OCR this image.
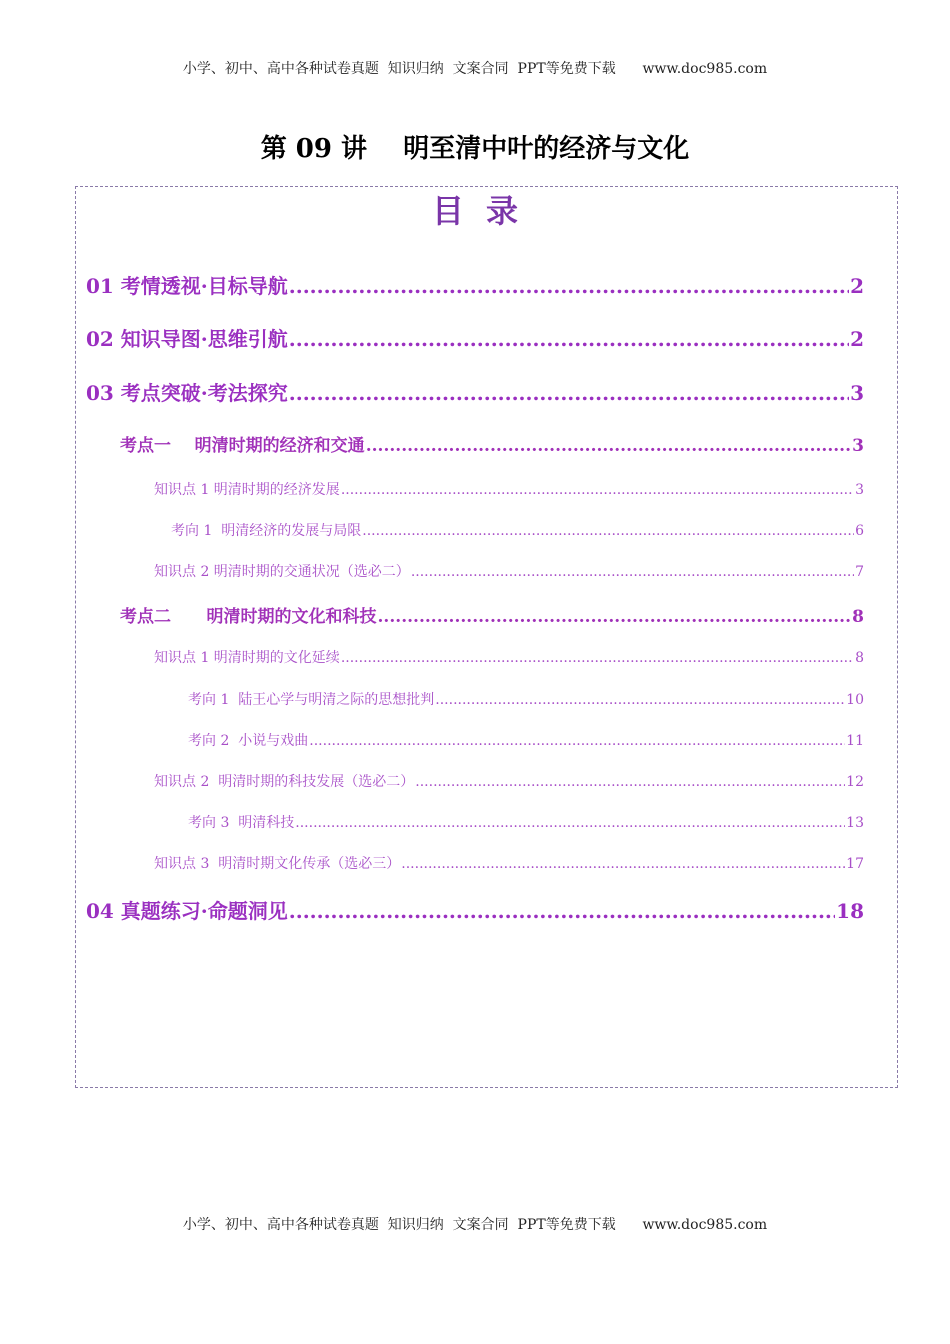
小学、初中、高中各种试卷真题  知识归纳  文案合同  PPT等免费下载      www.doc985.com
第 09 讲    明至清中叶的经济与文化
目录
01 考情透视·目标导航 .....	2
02 知识导图·思维引航 .....	2
03 考点突破·考法探究 .....	3
考点一    明清时期的经济和交通 .....	3
知识点 1 明清时期的经济发展 .....	3
考向 1  明清经济的发展与局限 .....	6
知识点 2 明清时期的交通状况（选必二） .....	7
考点二      明清时期的文化和科技 .....	8
知识点 1 明清时期的文化延续 .....	8
考向 1  陆王心学与明清之际的思想批判 .....	10
考向 2  小说与戏曲 .....	11
知识点 2  明清时期的科技发展（选必二） .....	12
考向 3  明清科技 .....	13
知识点 3  明清时期文化传承（选必三） .....	17
04 真题练习·命题洞见 .....	18
小学、初中、高中各种试卷真题  知识归纳  文案合同  PPT等免费下载      www.doc985.com
